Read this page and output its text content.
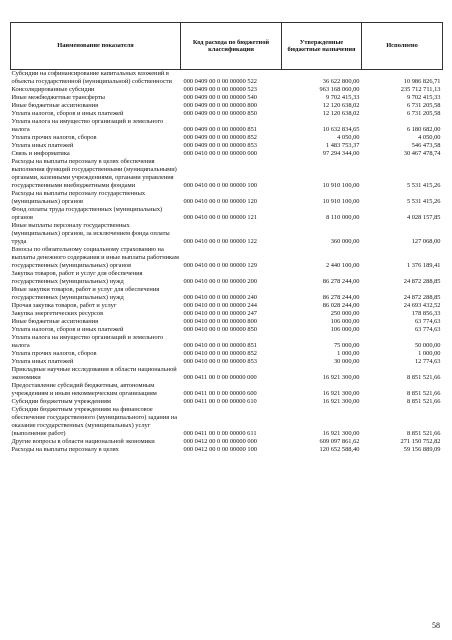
Наименование показателя	Код расхода по бюджетной классификации	Утвержденные бюджетные назначения	Исполнено
Субсидии на софинансирование капитальных вложений в объекты государственной (муниципальной) собственности	000 0409 00 0 00 00000 522	36 622 800,00	10 986 826,71
Консолидированные субсидии	000 0409 00 0 00 00000 523	963 168 060,00	235 712 711,13
Иные межбюджетные трансферты	000 0409 00 0 00 00000 540	9 702 415,33	9 702 415,33
Иные бюджетные ассигнования	000 0409 00 0 00 00000 800	12 120 638,02	6 731 205,58
Уплата налогов, сборов и иных платежей	000 0409 00 0 00 00000 850	12 120 638,02	6 731 205,58
Уплата налога на имущество организаций и земельного налога	000 0409 00 0 00 00000 851	10 632 834,65	6 180 682,00
Уплата прочих налогов, сборов	000 0409 00 0 00 00000 852	4 050,00	4 050,00
Уплата иных платежей	000 0409 00 0 00 00000 853	1 483 753,37	546 473,58
Связь и информатика	000 0410 00 0 00 00000 000	97 294 344,00	30 467 478,74
Расходы на выплаты персоналу в целях обеспечения выполнения функций государственными (муниципальными) органами, казенными учреждениями, органами управления государственными внебюджетными фондами	000 0410 00 0 00 00000 100	10 910 100,00	5 531 415,26
Расходы на выплаты персоналу государственных (муниципальных) органов	000 0410 00 0 00 00000 120	10 910 100,00	5 531 415,26
Фонд оплаты труда государственных (муниципальных) органов	000 0410 00 0 00 00000 121	8 110 000,00	4 028 157,85
Иные выплаты персоналу государственных (муниципальных) органов, за исключением фонда оплаты труда	000 0410 00 0 00 00000 122	360 000,00	127 068,00
Взносы по обязательному социальному страхованию на выплаты денежного содержания и иные выплаты работникам государственных (муниципальных) органов	000 0410 00 0 00 00000 129	2 440 100,00	1 376 189,41
Закупка товаров, работ и услуг для обеспечения государственных (муниципальных) нужд	000 0410 00 0 00 00000 200	86 278 244,00	24 872 288,85
Иные закупки товаров, работ и услуг для обеспечения государственных (муниципальных) нужд	000 0410 00 0 00 00000 240	86 278 244,00	24 872 288,85
Прочая закупка товаров, работ и услуг	000 0410 00 0 00 00000 244	86 028 244,00	24 693 432,52
Закупка энергетических ресурсов	000 0410 00 0 00 00000 247	250 000,00	178 856,33
Иные бюджетные ассигнования	000 0410 00 0 00 00000 800	106 000,00	63 774,63
Уплата налогов, сборов и иных платежей	000 0410 00 0 00 00000 850	106 000,00	63 774,63
Уплата налога на имущество организаций и земельного налога	000 0410 00 0 00 00000 851	75 000,00	50 000,00
Уплата прочих налогов, сборов	000 0410 00 0 00 00000 852	1 000,00	1 000,00
Уплата иных платежей	000 0410 00 0 00 00000 853	30 000,00	12 774,63
Прикладные научные исследования в области национальной экономики	000 0411 00 0 00 00000 000	16 921 300,00	8 851 521,66
Предоставление субсидий бюджетным, автономным учреждениям и иным некоммерческим организациям	000 0411 00 0 00 00000 600	16 921 300,00	8 851 521,66
Субсидии бюджетным учреждениям	000 0411 00 0 00 00000 610	16 921 300,00	8 851 521,66
Субсидии бюджетным учреждениям на финансовое обеспечение государственного (муниципального) задания на оказание государственных (муниципальных) услуг (выполнение работ)	000 0411 00 0 00 00000 611	16 921 300,00	8 851 521,66
Другие вопросы в области национальной экономики	000 0412 00 0 00 00000 000	609 097 861,62	271 150 752,82
Расходы на выплаты персоналу в целях	000 0412 00 0 00 00000 100	120 652 588,40	59 156 889,09
58
